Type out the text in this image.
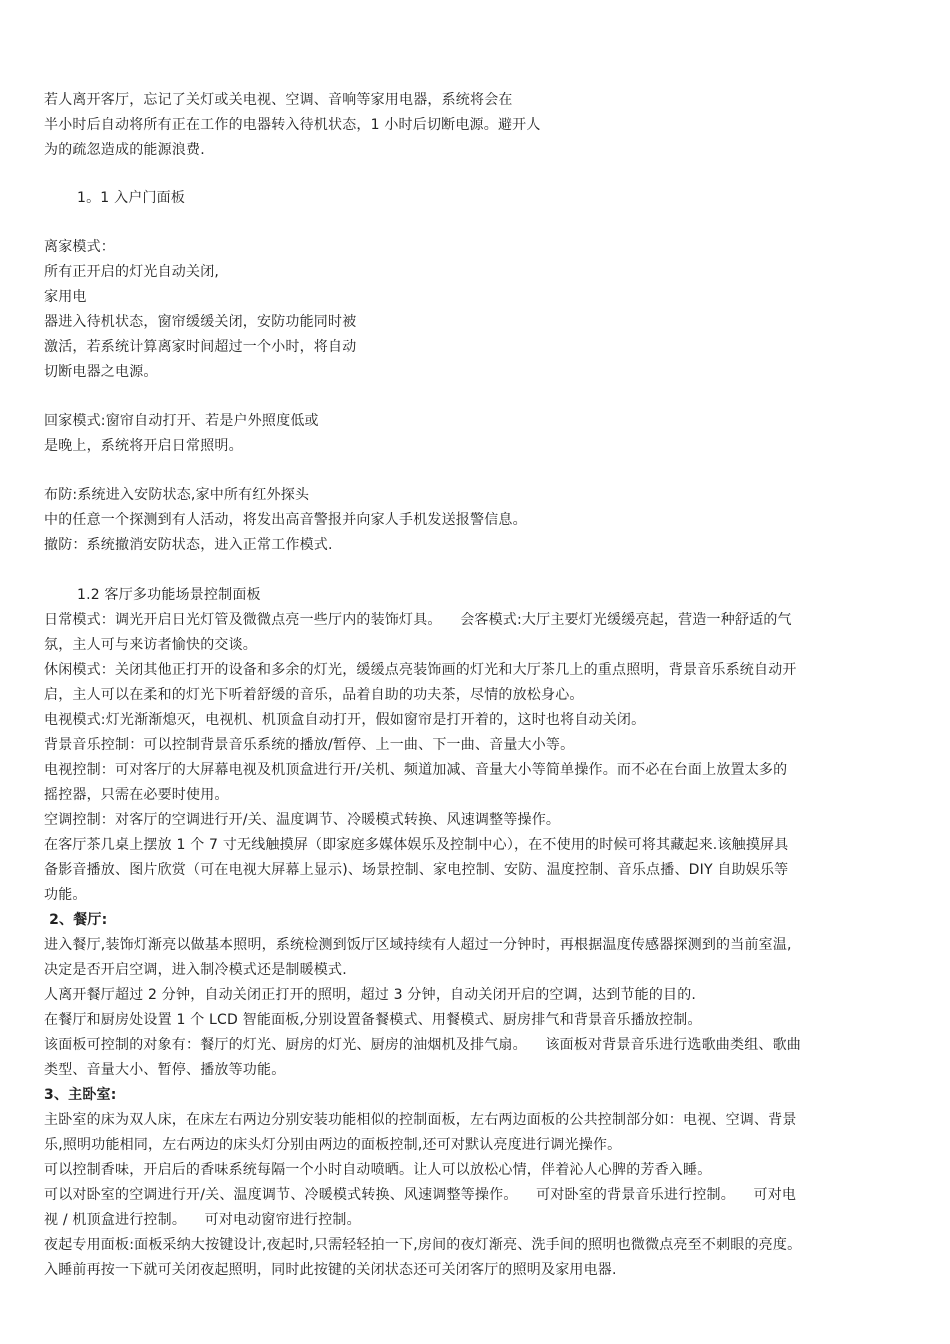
若人离开客厅，忘记了关灯或关电视、空调、音响等家用电器，系统将会在
半小时后自动将所有正在工作的电器转入待机状态，1 小时后切断电源。避开人
为的疏忽造成的能源浪费.
1。1 入户门面板
离家模式：
所有正开启的灯光自动关闭,
家用电
器进入待机状态，窗帘缓缓关闭，安防功能同时被
激活，若系统计算离家时间超过一个小时，将自动
切断电器之电源。
回家模式:窗帘自动打开、若是户外照度低或
是晚上，系统将开启日常照明。
布防:系统进入安防状态,家中所有红外探头
中的任意一个探测到有人活动，将发出高音警报并向家人手机发送报警信息。
撤防：系统撤消安防状态，进入正常工作模式.
1.2 客厅多功能场景控制面板
日常模式：调光开启日光灯管及微微点亮一些厅内的装饰灯具。    会客模式:大厅主要灯光缓缓亮起，营造一种舒适的气
氛，主人可与来访者愉快的交谈。
休闲模式：关闭其他正打开的设备和多余的灯光，缓缓点亮装饰画的灯光和大厅茶几上的重点照明，背景音乐系统自动开
启，主人可以在柔和的灯光下听着舒缓的音乐，品着自助的功夫茶，尽情的放松身心。
电视模式:灯光渐渐熄灭，电视机、机顶盒自动打开，假如窗帘是打开着的，这时也将自动关闭。
背景音乐控制：可以控制背景音乐系统的播放/暂停、上一曲、下一曲、音量大小等。
电视控制：可对客厅的大屏幕电视及机顶盒进行开/关机、频道加减、音量大小等简单操作。而不必在台面上放置太多的
摇控器，只需在必要时使用。
空调控制：对客厅的空调进行开/关、温度调节、冷暖模式转换、风速调整等操作。
在客厅茶几桌上摆放 1 个 7 寸无线触摸屏（即家庭多媒体娱乐及控制中心），在不使用的时候可将其藏起来.该触摸屏具
备影音播放、图片欣赏（可在电视大屏幕上显示)、场景控制、家电控制、安防、温度控制、音乐点播、DIY 自助娱乐等
功能。
2、餐厅:
进入餐厅,装饰灯渐亮以做基本照明，系统检测到饭厅区域持续有人超过一分钟时，再根据温度传感器探测到的当前室温,
决定是否开启空调，进入制冷模式还是制暖模式.
人离开餐厅超过 2 分钟，自动关闭正打开的照明，超过 3 分钟，自动关闭开启的空调，达到节能的目的.
在餐厅和厨房处设置 1 个 LCD 智能面板,分别设置备餐模式、用餐模式、厨房排气和背景音乐播放控制。
该面板可控制的对象有：餐厅的灯光、厨房的灯光、厨房的油烟机及排气扇。    该面板对背景音乐进行选歌曲类组、歌曲
类型、音量大小、暂停、播放等功能。
3、主卧室:
主卧室的床为双人床，在床左右两边分别安装功能相似的控制面板，左右两边面板的公共控制部分如：电视、空调、背景
乐,照明功能相同，左右两边的床头灯分别由两边的面板控制,还可对默认亮度进行调光操作。
可以控制香味，开启后的香味系统每隔一个小时自动喷晒。让人可以放松心情，伴着沁人心脾的芳香入睡。
可以对卧室的空调进行开/关、温度调节、冷暖模式转换、风速调整等操作。    可对卧室的背景音乐进行控制。    可对电
视 / 机顶盒进行控制。    可对电动窗帘进行控制。
夜起专用面板:面板采纳大按键设计,夜起时,只需轻轻拍一下,房间的夜灯渐亮、洗手间的照明也微微点亮至不刺眼的亮度。
入睡前再按一下就可关闭夜起照明，同时此按键的关闭状态还可关闭客厅的照明及家用电器.
